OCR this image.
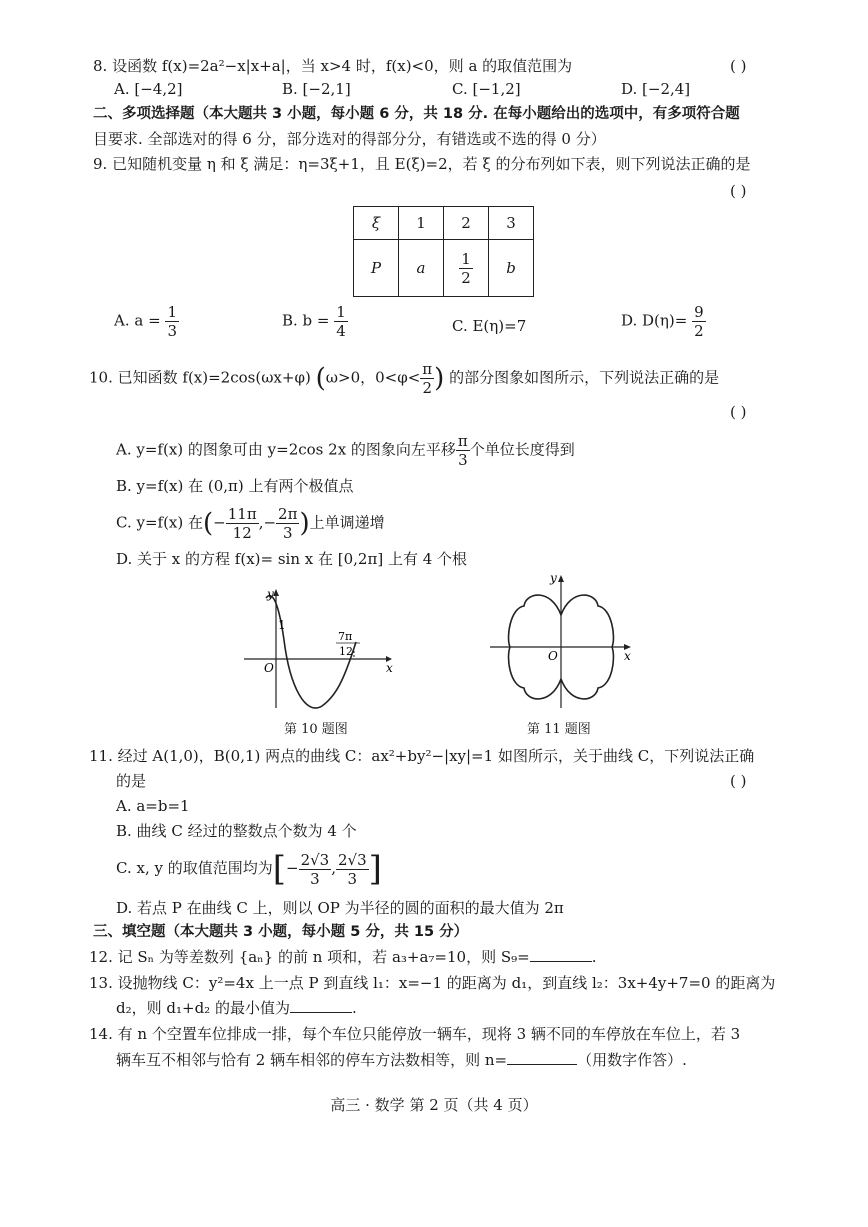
8. 设函数 f(x)=2a²−x|x+a|，当 x>4 时，f(x)<0，则 a 的取值范围为	( )
A. [−4,2]	B. [−2,1]	C. [−1,2]	D. [−2,4]
二、多项选择题（本大题共 3 小题，每小题 6 分，共 18 分. 在每小题给出的选项中，有多项符合题
目要求. 全部选对的得 6 分，部分选对的得部分分，有错选或不选的得 0 分）
9. 已知随机变量 η 和 ξ 满足：η=3ξ+1，且 E(ξ)=2，若 ξ 的分布列如下表，则下列说法正确的是
( )
ξ	1	2	3
P	a	$\frac{1}{2}$	b
A. $a = \frac{1}{3}$	B. $b = \frac{1}{4}$	C. E(η)=7	D. $D(\eta)= \frac{9}{2}$
10. 已知函数 f(x)=2cos(ωx+φ) (ω>0，$0<\varphi< \frac{\pi}{2}$ ) 的部分图象如图所示，下列说法正确的是
( )
A. y=f(x) 的图象可由 y=2cos 2x 的图象向左平移 $\frac{\pi}{3}$ 个单位长度得到
B. y=f(x) 在 (0,π) 上有两个极值点
C. y=f(x) 在(− $\frac{11\pi}{12}$ ,− $\frac{2\pi}{3}$ )上单调递增
D. 关于 x 的方程 f(x)= sin x 在 [0,2π] 上有 4 个根
x
y
O
1
7π
12
第 10 题图
x
y
O
第 11 题图
11. 经过 A(1,0)，B(0,1) 两点的曲线 C：ax²+by²−|xy|=1 如图所示，关于曲线 C，下列说法正确
的是	( )
A. a=b=1
B. 曲线 C 经过的整数点个数为 4 个
C. x, y 的取值范围均为[− $\frac{2√3}{3}$ , $\frac{2√3}{3}$ ]
D. 若点 P 在曲线 C 上，则以 OP 为半径的圆的面积的最大值为 2π
三、填空题（本大题共 3 小题，每小题 5 分，共 15 分）
12. 记 Sₙ 为等差数列 {aₙ} 的前 n 项和，若 a₃+a₇=10，则 S₉=	.
13. 设抛物线 C：y²=4x 上一点 P 到直线 l₁：x=−1 的距离为 d₁，到直线 l₂：3x+4y+7=0 的距离为
d₂，则 d₁+d₂ 的最小值为	.
14. 有 n 个空置车位排成一排，每个车位只能停放一辆车，现将 3 辆不同的车停放在车位上，若 3
辆车互不相邻与恰有 2 辆车相邻的停车方法数相等，则 n=	（用数字作答）.
高三 · 数学 第 2 页（共 4 页）
